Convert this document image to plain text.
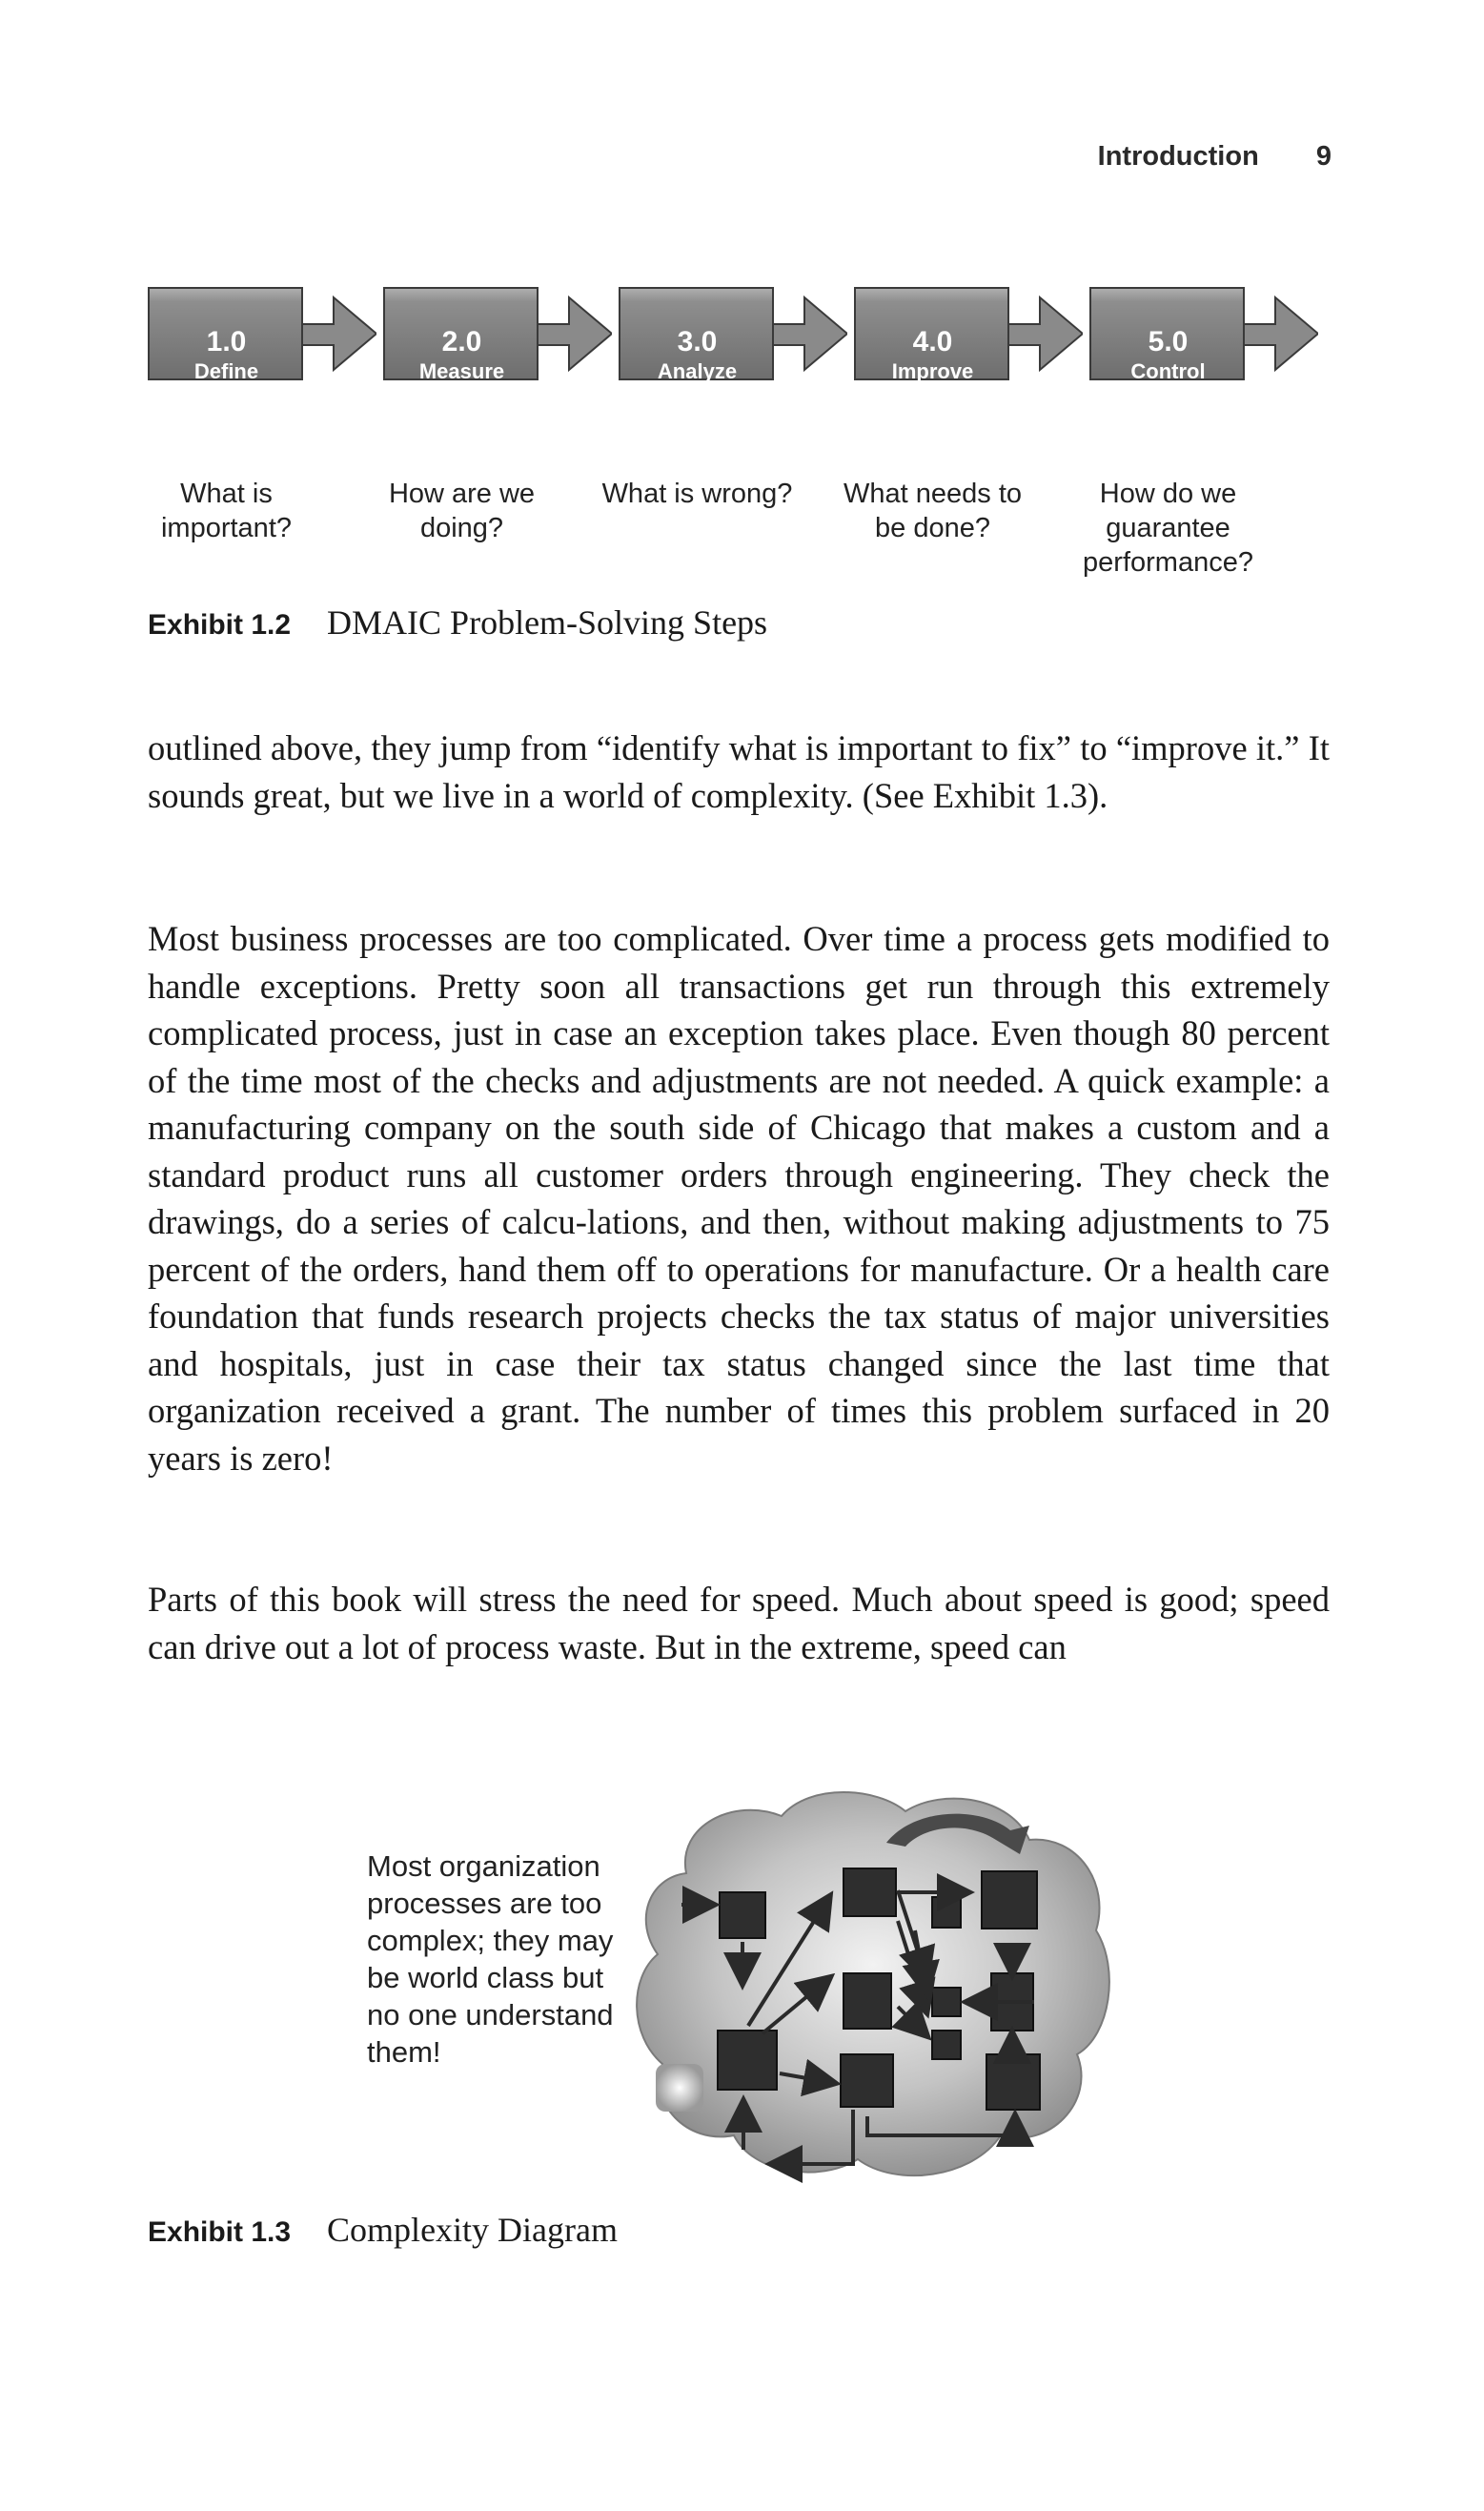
Introduction 9
1.0
Define
Opportunities
What is important?
2.0
Measure
Performance
How are we doing?
3.0
Analyze
Opportunity
What is wrong?
4.0
Improve
Performance
What needs to be done?
5.0
Control
Performance
How do we guarantee performance?
Exhibit 1.2 DMAIC Problem-Solving Steps

outlined above, they jump from “identify what is important to fix” to “improve it.” It sounds great, but we live in a world of complexity. (See Exhibit 1.3).

Most business processes are too complicated. Over time a process gets modified to handle exceptions. Pretty soon all transactions get run through this extremely complicated process, just in case an exception takes place. Even though 80 percent of the time most of the checks and adjustments are not needed. A quick example: a manufacturing company on the south side of Chicago that makes a custom and a standard product runs all customer orders through engineering. They check the drawings, do a series of calcu-lations, and then, without making adjustments to 75 percent of the orders, hand them off to operations for manufacture. Or a health care foundation that funds research projects checks the tax status of major universities and hospitals, just in case their tax status changed since the last time that organization received a grant. The number of times this problem surfaced in 20 years is zero!

Parts of this book will stress the need for speed. Much about speed is good; speed can drive out a lot of process waste. But in the extreme, speed can

Most organization processes are too complex; they may be world class but no one understand them!
Exhibit 1.3 Complexity Diagram
